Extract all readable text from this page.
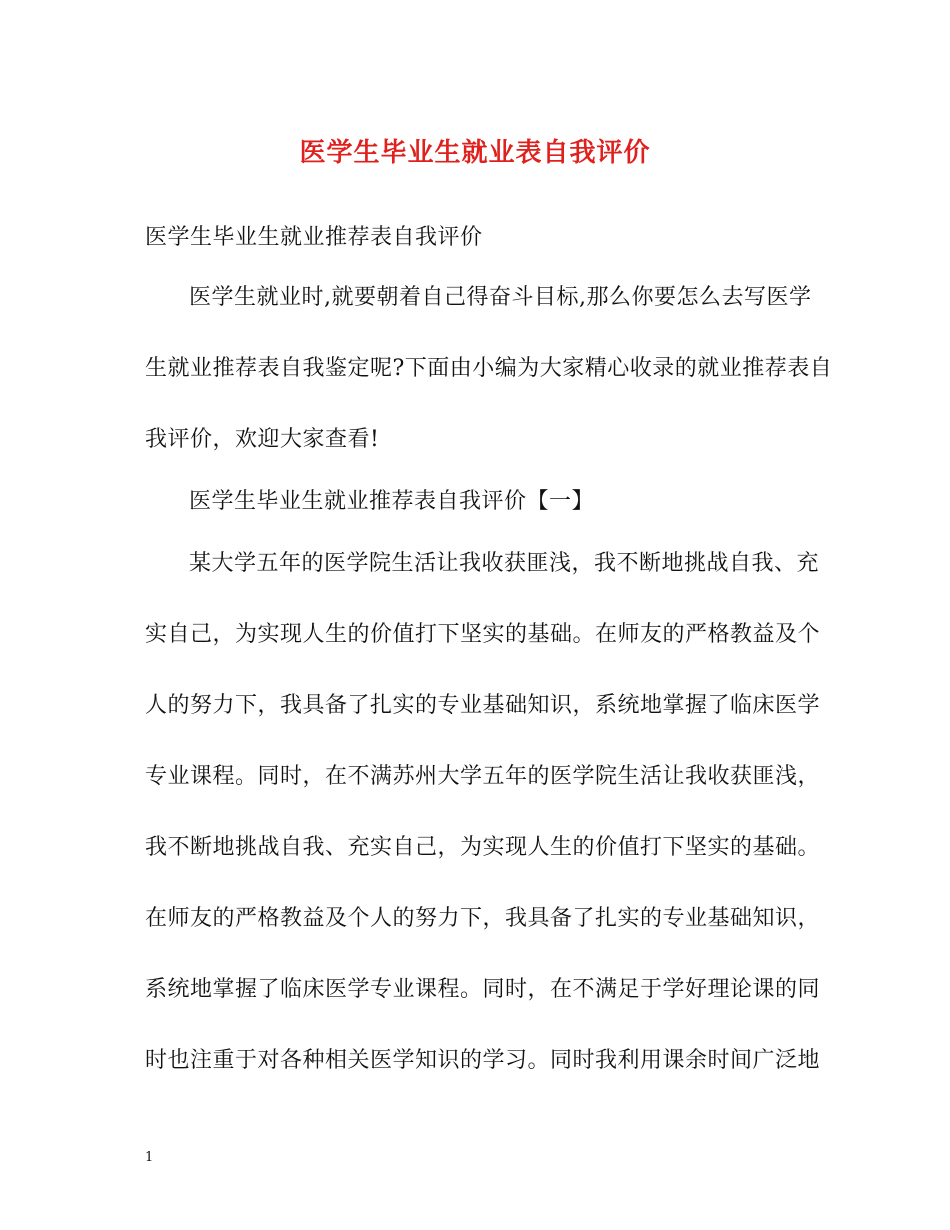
医学生毕业生就业表自我评价
医学生毕业生就业推荐表自我评价
医学生就业时,就要朝着自己得奋斗目标,那么你要怎么去写医学
生就业推荐表自我鉴定呢?下面由小编为大家精心收录的就业推荐表自
我评价，欢迎大家查看!
医学生毕业生就业推荐表自我评价【一】
某大学五年的医学院生活让我收获匪浅，我不断地挑战自我、充
实自己，为实现人生的价值打下坚实的基础。在师友的严格教益及个
人的努力下，我具备了扎实的专业基础知识，系统地掌握了临床医学
专业课程。同时，在不满苏州大学五年的医学院生活让我收获匪浅，
我不断地挑战自我、充实自己，为实现人生的价值打下坚实的基础。
在师友的严格教益及个人的努力下，我具备了扎实的专业基础知识，
系统地掌握了临床医学专业课程。同时，在不满足于学好理论课的同
时也注重于对各种相关医学知识的学习。同时我利用课余时间广泛地
1
